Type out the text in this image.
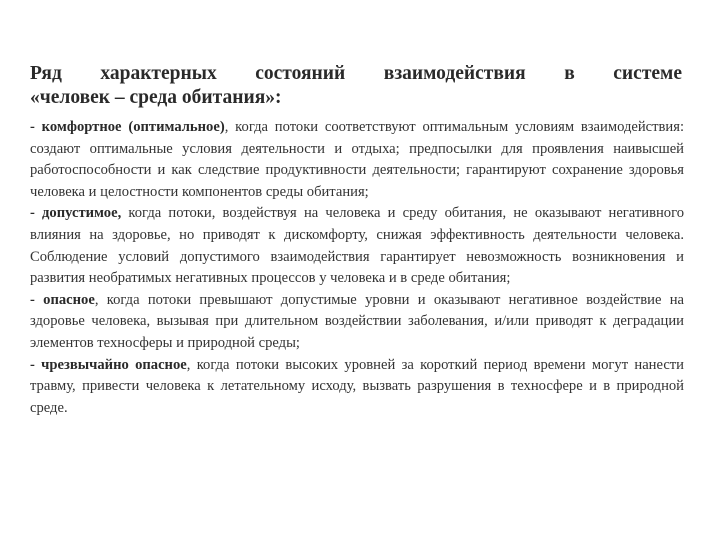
Ряд характерных состояний взаимодействия в системе
«человек – среда обитания»:

- комфортное (оптимальное), когда потоки соответствуют оптимальным условиям взаимодействия: создают оптимальные условия деятельности и отдыха; предпосылки для проявления наивысшей работоспособности и как следствие продуктивности деятельности; гарантируют сохранение здоровья человека и целостности компонентов среды обитания;

- допустимое, когда потоки, воздействуя на человека и среду обитания, не оказывают негативного влияния на здоровье, но приводят к дискомфорту, снижая эффективность деятельности человека. Соблюдение условий допустимого взаимодействия гарантирует невозможность возникновения и развития необратимых негативных процессов у человека и в среде обитания;

- опасное, когда потоки превышают допустимые уровни и оказывают негативное воздействие на здоровье человека, вызывая при длительном воздействии заболевания, и/или приводят к деградации элементов техносферы и природной среды;

- чрезвычайно опасное, когда потоки высоких уровней за короткий период времени могут нанести травму, привести человека к летательному исходу, вызвать разрушения в техносфере и в природной среде.
